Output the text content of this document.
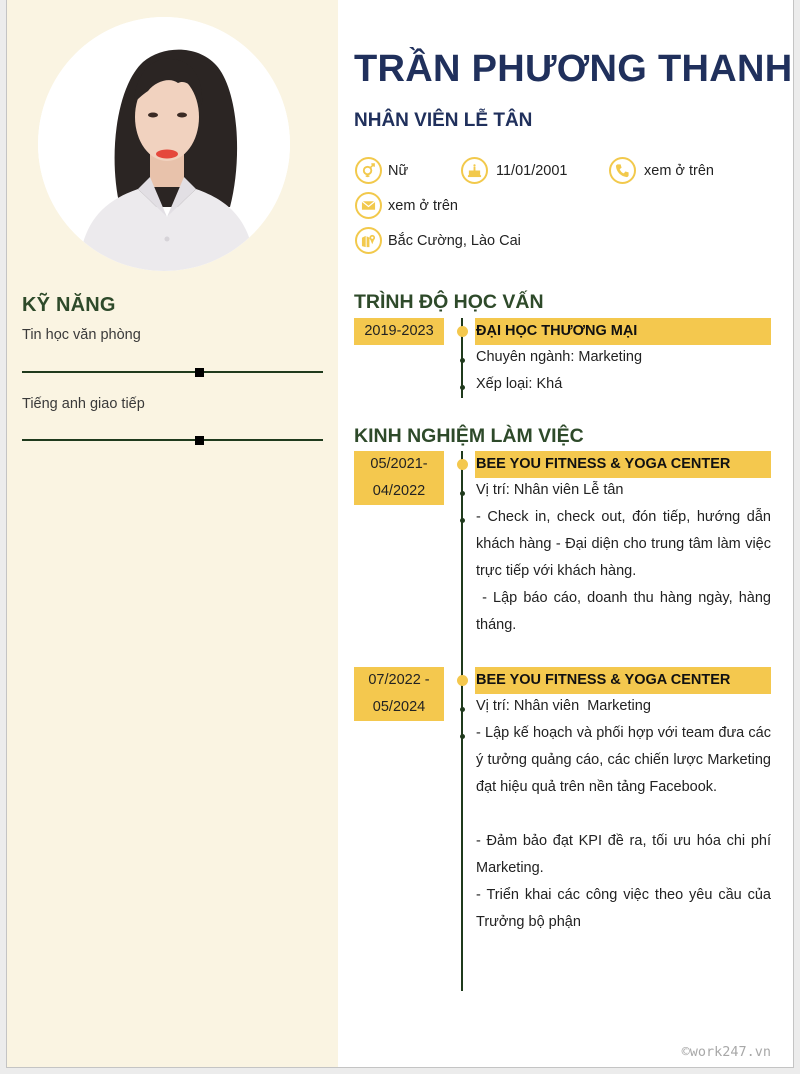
KỸ NĂNG
Tin học văn phòng
Tiếng anh giao tiếp
TRẦN PHƯƠNG THANH
NHÂN VIÊN LỄ TÂN
Nữ	11/01/2001	xem ở trên
xem ở trên
Bắc Cường, Lào Cai
TRÌNH ĐỘ HỌC VẤN
2019-2023	ĐẠI HỌC THƯƠNG MẠI
Chuyên ngành: Marketing
Xếp loại: Khá
KINH NGHIỆM LÀM VIỆC
05/2021-
04/2022
BEE YOU FITNESS & YOGA CENTER
Vị trí: Nhân viên Lễ tân
- Check in, check out, đón tiếp, hướng dẫn khách hàng - Đại diện cho trung tâm làm việc trực tiếp với khách hàng.
- Lập báo cáo, doanh thu hàng ngày, hàng tháng.
07/2022 -
05/2024
BEE YOU FITNESS & YOGA CENTER
Vị trí: Nhân viên  Marketing
- Lập kế hoạch và phối hợp với team đưa các ý tưởng quảng cáo, các chiến lược Marketing đạt hiệu quả trên nền tảng Facebook.
- Đảm bảo đạt KPI đề ra, tối ưu hóa chi phí Marketing.
- Triển khai các công việc theo yêu cầu của Trưởng bộ phận
©work247.vn
